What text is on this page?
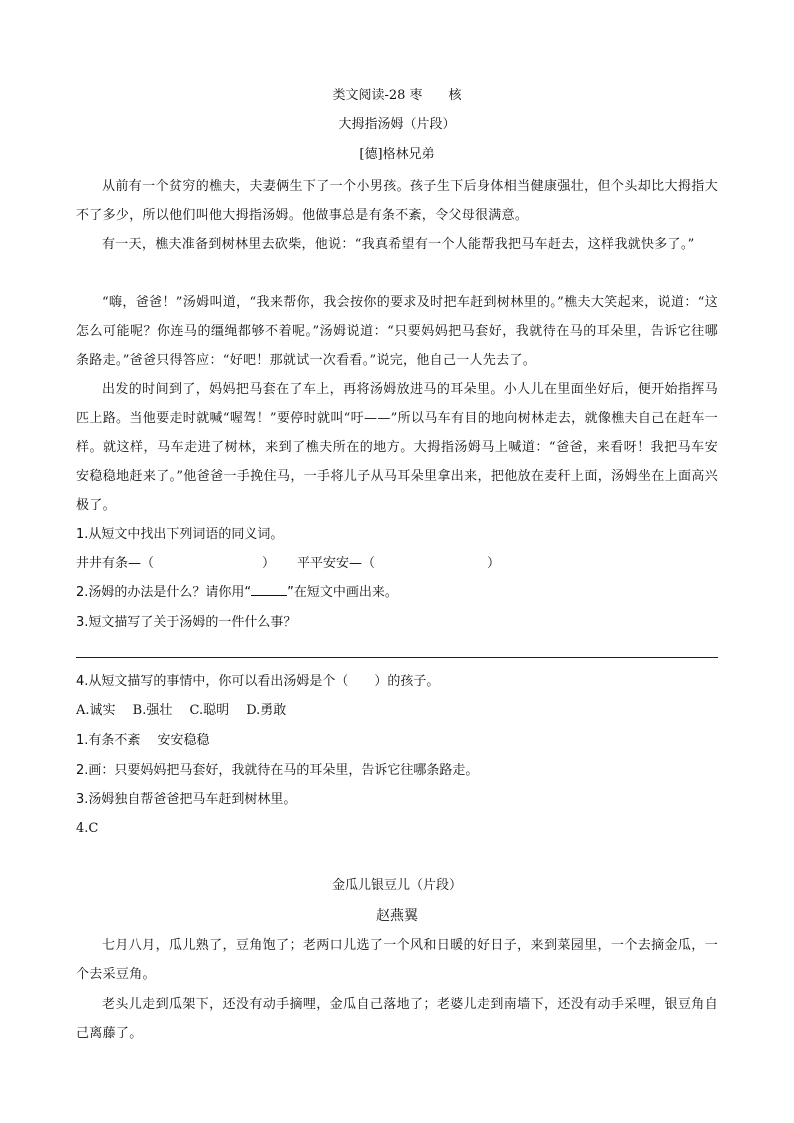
类文阅读-28 枣　　核
大拇指汤姆（片段）
[德]格林兄弟
从前有一个贫穷的樵夫，夫妻俩生下了一个小男孩。孩子生下后身体相当健康强壮，但个头却比大拇指大不了多少，所以他们叫他大拇指汤姆。他做事总是有条不紊，令父母很满意。
有一天，樵夫准备到树林里去砍柴，他说：“我真希望有一个人能帮我把马车赶去，这样我就快多了。”
“嗨，爸爸！”汤姆叫道，“我来帮你，我会按你的要求及时把车赶到树林里的。”樵夫大笑起来，说道：“这怎么可能呢？你连马的缰绳都够不着呢。”汤姆说道：“只要妈妈把马套好，我就待在马的耳朵里，告诉它往哪条路走。”爸爸只得答应：“好吧！那就试一次看看。”说完，他自己一人先去了。
出发的时间到了，妈妈把马套在了车上，再将汤姆放进马的耳朵里。小人儿在里面坐好后，便开始指挥马匹上路。当他要走时就喊“喔驾！”要停时就叫“吁——”所以马车有目的地向树林走去，就像樵夫自己在赶车一样。就这样，马车走进了树林，来到了樵夫所在的地方。大拇指汤姆马上喊道：“爸爸，来看呀！我把马车安安稳稳地赶来了。”他爸爸一手挽住马，一手将儿子从马耳朵里拿出来，把他放在麦秆上面，汤姆坐在上面高兴极了。
1.从短文中找出下列词语的同义词。
井井有条—（	） 平平安安—（	）
2.汤姆的办法是什么？请你用“	”在短文中画出来。
3.短文描写了关于汤姆的一件什么事？
4.从短文描写的事情中，你可以看出汤姆是个（　　）的孩子。
A.诚实　 B.强壮　 C.聪明　 D.勇敢
1.有条不紊　 安安稳稳
2.画：只要妈妈把马套好，我就待在马的耳朵里，告诉它往哪条路走。
3.汤姆独自帮爸爸把马车赶到树林里。
4.C
金瓜儿银豆儿（片段）
赵燕翼
七月八月，瓜儿熟了，豆角饱了；老两口儿选了一个风和日暖的好日子，来到菜园里，一个去摘金瓜，一个去采豆角。
老头儿走到瓜架下，还没有动手摘哩，金瓜自己落地了；老婆儿走到南墙下，还没有动手采哩，银豆角自己离藤了。
